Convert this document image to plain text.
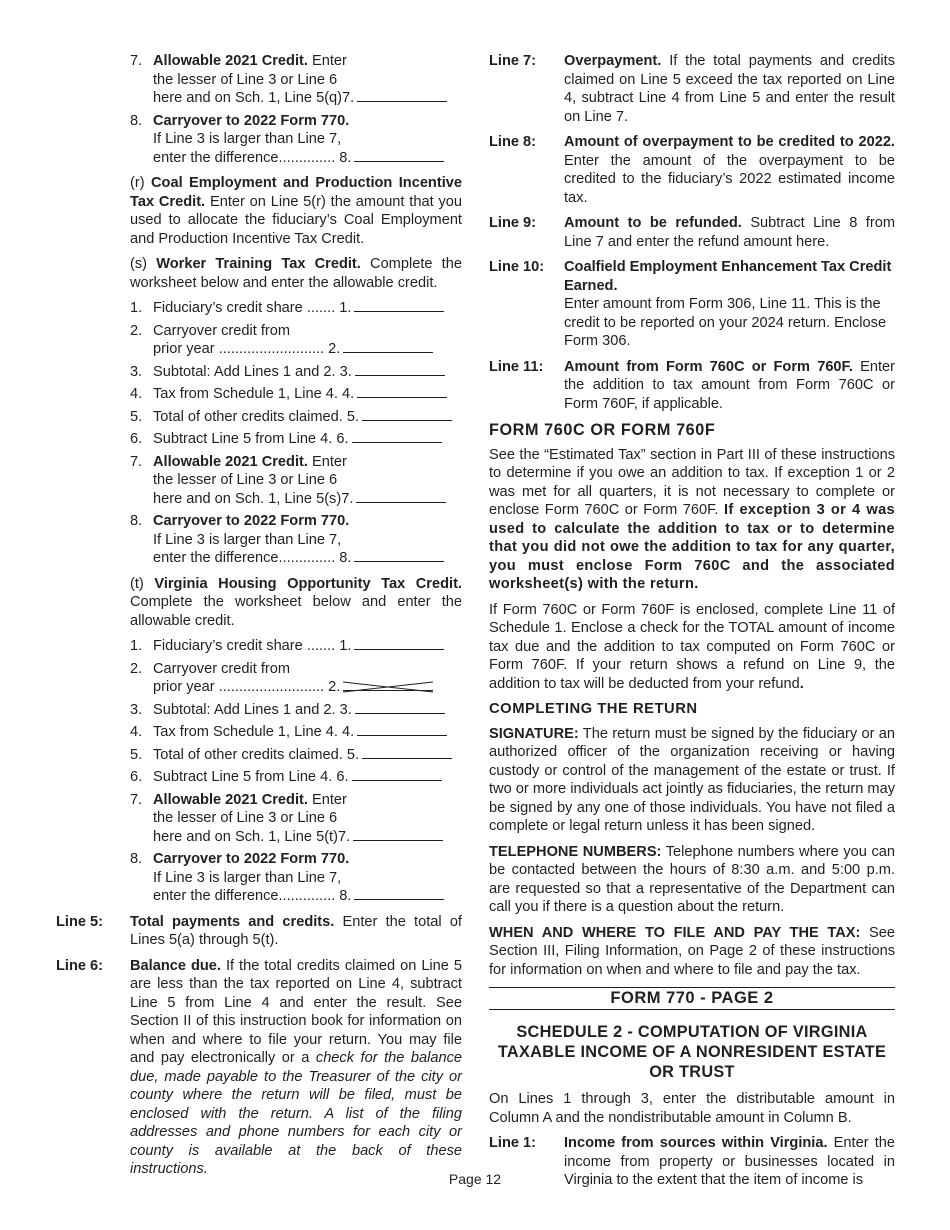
7. Allowable 2021 Credit. Enter
the lesser of Line 3 or Line 6
here and on Sch. 1, Line 5(q)7.
8. Carryover to 2022 Form 770.
If Line 3 is larger than Line 7,
enter the difference.............. 8.

(r) Coal Employment and Production Incentive Tax Credit. Enter on Line 5(r) the amount that you used to allocate the fiduciary’s Coal Employment and Production Incentive Tax Credit.

(s) Worker Training Tax Credit. Complete the worksheet below and enter the allowable credit.

1. Fiduciary’s credit share ....... 1.
2. Carryover credit from
prior year .......................... 2.
3. Subtotal: Add Lines 1 and 2. 3.
4. Tax from Schedule 1, Line 4. 4.
5. Total of other credits claimed. 5.
6. Subtract Line 5 from Line 4. 6.
7. Allowable 2021 Credit. Enter
the lesser of Line 3 or Line 6
here and on Sch. 1, Line 5(s)7.
8. Carryover to 2022 Form 770.
If Line 3 is larger than Line 7,
enter the difference.............. 8.

(t) Virginia Housing Opportunity Tax Credit. Complete the worksheet below and enter the allowable credit.

1. Fiduciary’s credit share ....... 1.
2. Carryover credit from
prior year .......................... 2.
3. Subtotal: Add Lines 1 and 2. 3.
4. Tax from Schedule 1, Line 4. 4.
5. Total of other credits claimed. 5.
6. Subtract Line 5 from Line 4. 6.
7. Allowable 2021 Credit. Enter
the lesser of Line 3 or Line 6
here and on Sch. 1, Line 5(t)7.
8. Carryover to 2022 Form 770.
If Line 3 is larger than Line 7,
enter the difference.............. 8.
Line 5:	Total payments and credits. Enter the total of Lines 5(a) through 5(t).
Line 6:	Balance due. If the total credits claimed on Line 5 are less than the tax reported on Line 4, subtract Line 5 from Line 4 and enter the result. See Section II of this instruction book for information on when and where to file your return. You may file and pay electronically or a check for the balance due, made payable to the Treasurer of the city or county where the return will be filed, must be enclosed with the return. A list of the filing addresses and phone numbers for each city or county is available at the back of these instructions.
Line 7:	Overpayment. If the total payments and credits claimed on Line 5 exceed the tax reported on Line 4, subtract Line 4 from Line 5 and enter the result on Line 7.
Line 8:	Amount of overpayment to be credited to 2022. Enter the amount of the overpayment to be credited to the fiduciary’s 2022 estimated income tax.
Line 9:	Amount to be refunded. Subtract Line 8 from Line 7 and enter the refund amount here.
Line 10:	Coalfield Employment Enhancement Tax Credit Earned.
Enter amount from Form 306, Line 11. This is the credit to be reported on your 2024 return. Enclose Form 306.
Line 11:	Amount from Form 760C or Form 760F. Enter the addition to tax amount from Form 760C or Form 760F, if applicable.
FORM 760C OR FORM 760F

See the “Estimated Tax” section in Part III of these instructions to determine if you owe an addition to tax. If exception 1 or 2 was met for all quarters, it is not necessary to complete or enclose Form 760C or Form 760F. If exception 3 or 4 was used to calculate the addition to tax or to determine that you did not owe the addition to tax for any quarter, you must enclose Form 760C and the associated worksheet(s) with the return.

If Form 760C or Form 760F is enclosed, complete Line 11 of Schedule 1. Enclose a check for the TOTAL amount of income tax due and the addition to tax computed on Form 760C or Form 760F. If your return shows a refund on Line 9, the addition to tax will be deducted from your refund.

COMPLETING THE RETURN

SIGNATURE: The return must be signed by the fiduciary or an authorized officer of the organization receiving or having custody or control of the management of the estate or trust. If two or more individuals act jointly as fiduciaries, the return may be signed by any one of those individuals. You have not filed a complete or legal return unless it has been signed.

TELEPHONE NUMBERS: Telephone numbers where you can be contacted between the hours of 8:30 a.m. and 5:00 p.m. are requested so that a representative of the Department can call you if there is a question about the return.

WHEN AND WHERE TO FILE AND PAY THE TAX: See Section III, Filing Information, on Page 2 of these instructions for information on when and where to file and pay the tax.

FORM 770 - PAGE 2
SCHEDULE 2 - COMPUTATION OF VIRGINIA TAXABLE INCOME OF A NONRESIDENT ESTATE OR TRUST

On Lines 1 through 3, enter the distributable amount in Column A and the nondistributable amount in Column B.

Line 1:	Income from sources within Virginia. Enter the income from property or businesses located in Virginia to the extent that the item of income is
Page 12
